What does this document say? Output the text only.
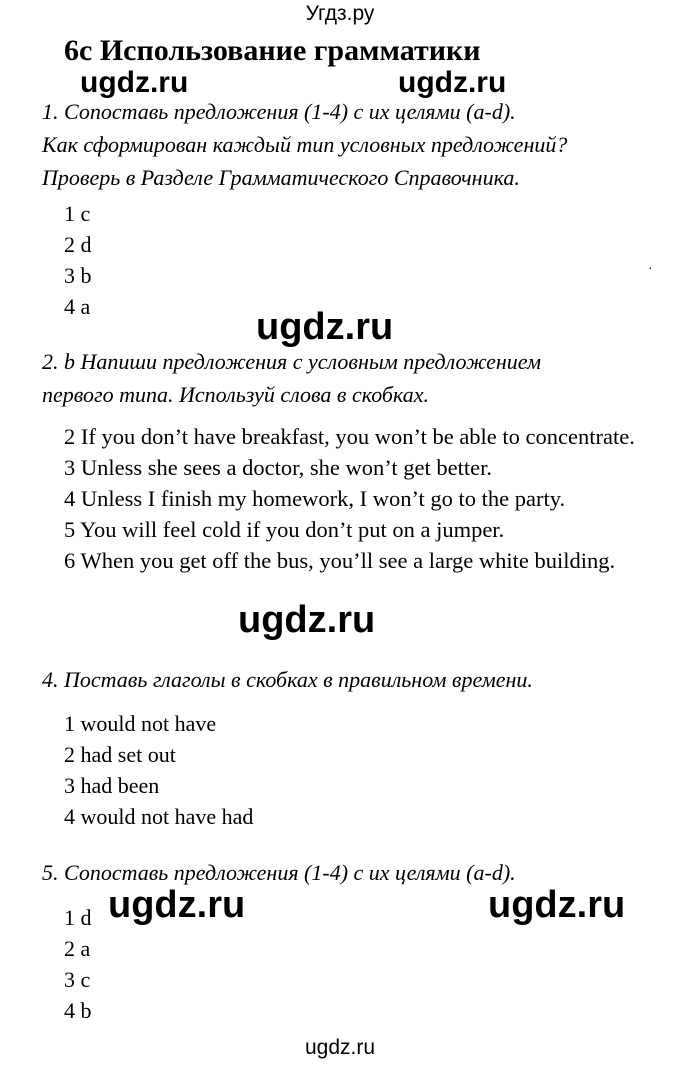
Угдз.ру
6c Использование грамматики
ugdz.ru	ugdz.ru
1. Сопоставь предложения (1-4) с их целями (a-d).
Как сформирован каждый тип условных предложений?
Проверь в Разделе Грамматического Справочника.
1 c
2 d
3 b
4 a
·
ugdz.ru
2. b Напиши предложения с условным предложением
первого типа. Используй слова в скобках.

2 If you don’t have breakfast, you won’t be able to concentrate.

3 Unless she sees a doctor, she won’t get better.

4 Unless I finish my homework, I won’t go to the party.

5 You will feel cold if you don’t put on a jumper.

6 When you get off the bus, you’ll see a large white building.

ugdz.ru
4. Поставь глаголы в скобках в правильном времени.
1 would not have
2 had set out
3 had been
4 would not have had
5. Сопоставь предложения (1-4) с их целями (a-d).
1 d
2 a
3 c
4 b
ugdz.ru	ugdz.ru
ugdz.ru
